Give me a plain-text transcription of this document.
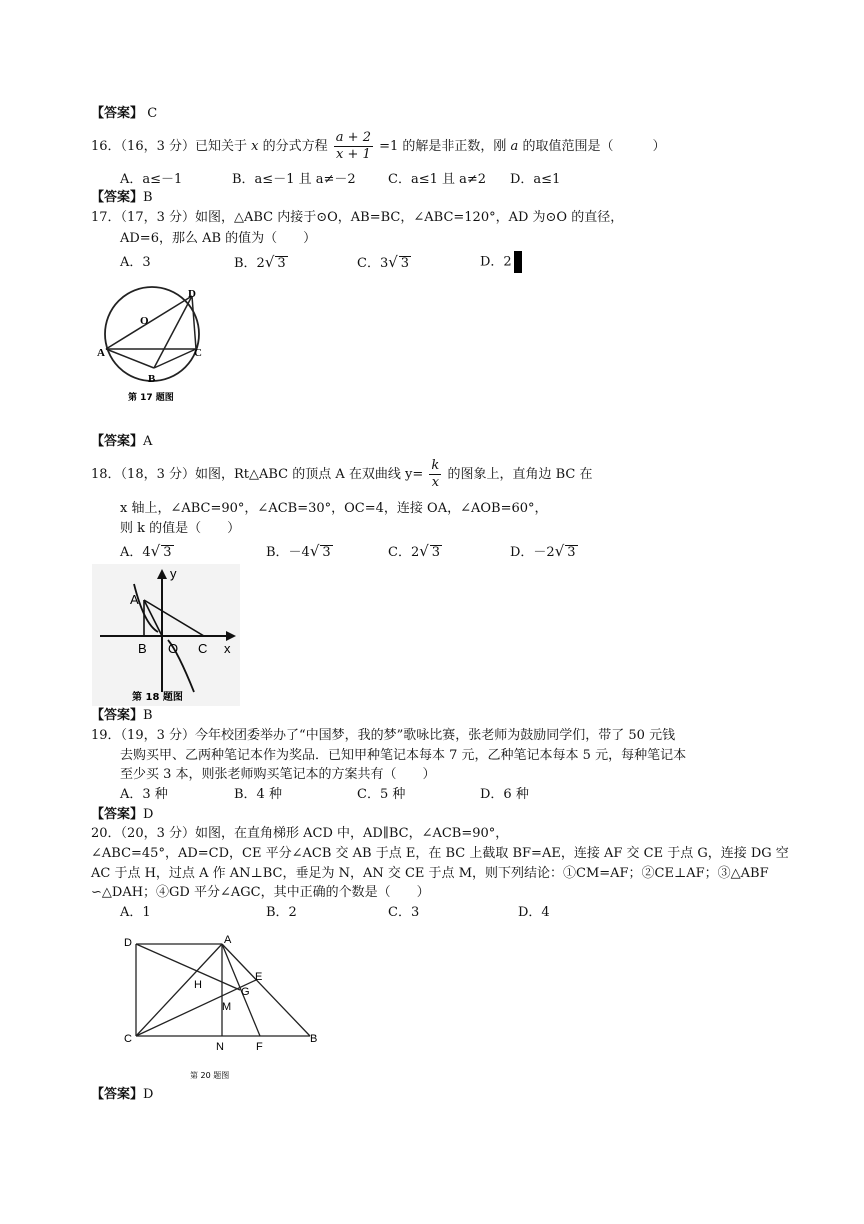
【答案】 C
16．（16，3 分）已知关于 x 的分式方程 $\frac{a + 2}{x + 1} =1$ 的解是非正数，刚 a 的取值范围是（　　　）
A．a≤－1	B．a≤－1 且 a≠－2 C．a≤1 且 a≠2 D．a≤1
【答案】B
17．（17，3 分）如图，△ABC 内接于⊙O，AB=BC，∠ABC=120°，AD 为⊙O 的直径，
AD=6，那么 AB 的值为（　　）
A．3	B．2√ 3	C．3√ 3	D．2
D
O
A	C
B
第 17 题图
【答案】A
18．（18，3 分）如图，Rt△ABC 的顶点 A 在双曲线 $y= \frac{k}{x}$ 的图象上，直角边 BC 在
x 轴上，∠ABC=90°，∠ACB=30°，OC=4，连接 OA，∠AOB=60°，
则 k 的值是（　　）
A．4√ 3	B．－4√ 3	C．2√ 3	D．－2√ 3
y
A
B O C x
第 18 题图
【答案】B
19．（19，3 分）今年校团委举办了“中国梦，我的梦”歌咏比赛，张老师为鼓励同学们，带了 50 元钱
去购买甲、乙两种笔记本作为奖品．已知甲种笔记本每本 7 元，乙种笔记本每本 5 元，每种笔记本
至少买 3 本，则张老师购买笔记本的方案共有（　　）
A．3 种	B．4 种	C．5 种	D．6 种
【答案】D
20．（20，3 分）如图，在直角梯形 ACD 中，AD∥BC，∠ACB=90°，
∠ABC=45°，AD=CD，CE 平分∠ACB 交 AB 于点 E，在 BC 上截取 BF=AE，连接 AF 交 CE 于点 G，连接 DG 空
AC 于点 H，过点 A 作 AN⊥BC，垂足为 N，AN 交 CE 于点 M，则下列结论：①CM=AF；②CE⊥AF；③△ABF
∽△DAH；④GD 平分∠AGC，其中正确的个数是（　　）
A．1	B．2	C．3	D．4
D	A
E
H
G
M
C
N	F
B
第 20 题图
【答案】D
